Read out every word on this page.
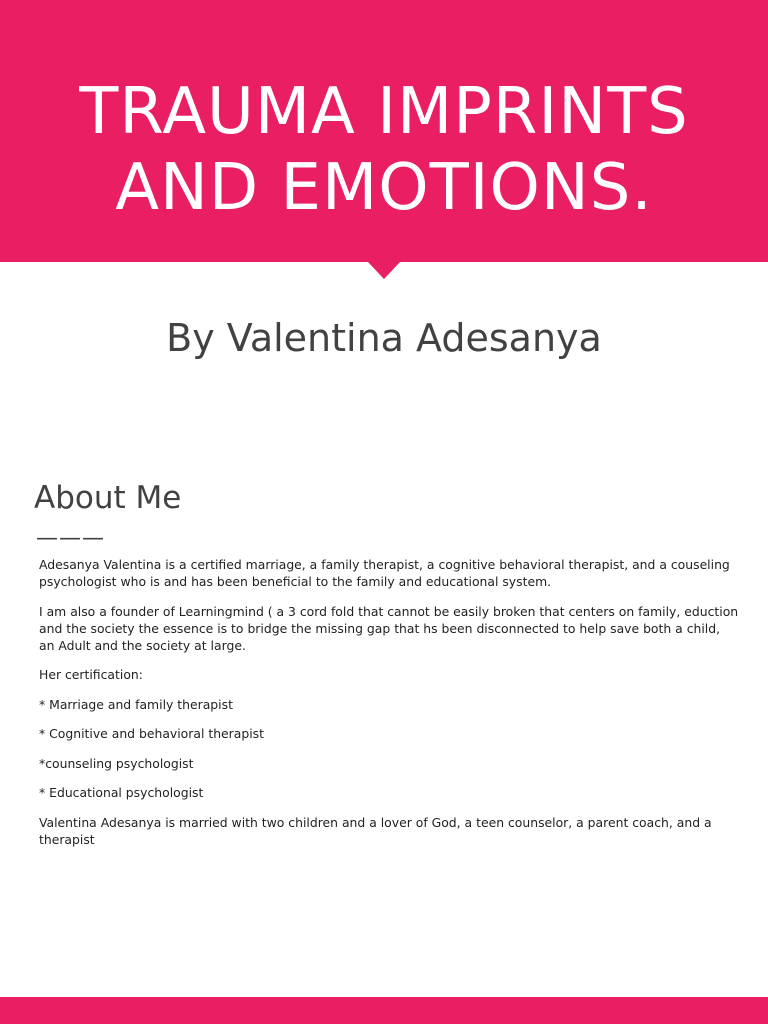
TRAUMA IMPRINTS
AND EMOTIONS.
By Valentina Adesanya
About Me
———

Adesanya Valentina is a certified marriage, a family therapist, a cognitive behavioral therapist, and a couseling psychologist who is and has been beneficial to the family and educational system.

I am also a founder of Learningmind ( a 3 cord fold that cannot be easily broken that centers on family, eduction and the society the essence is to bridge the missing gap that hs been disconnected to help save both a child, an Adult and the society at large.

Her certification:

* Marriage and family therapist

* Cognitive and behavioral therapist

*counseling psychologist

* Educational psychologist

Valentina Adesanya is married with two children and a lover of God, a teen counselor, a parent coach, and a therapist
